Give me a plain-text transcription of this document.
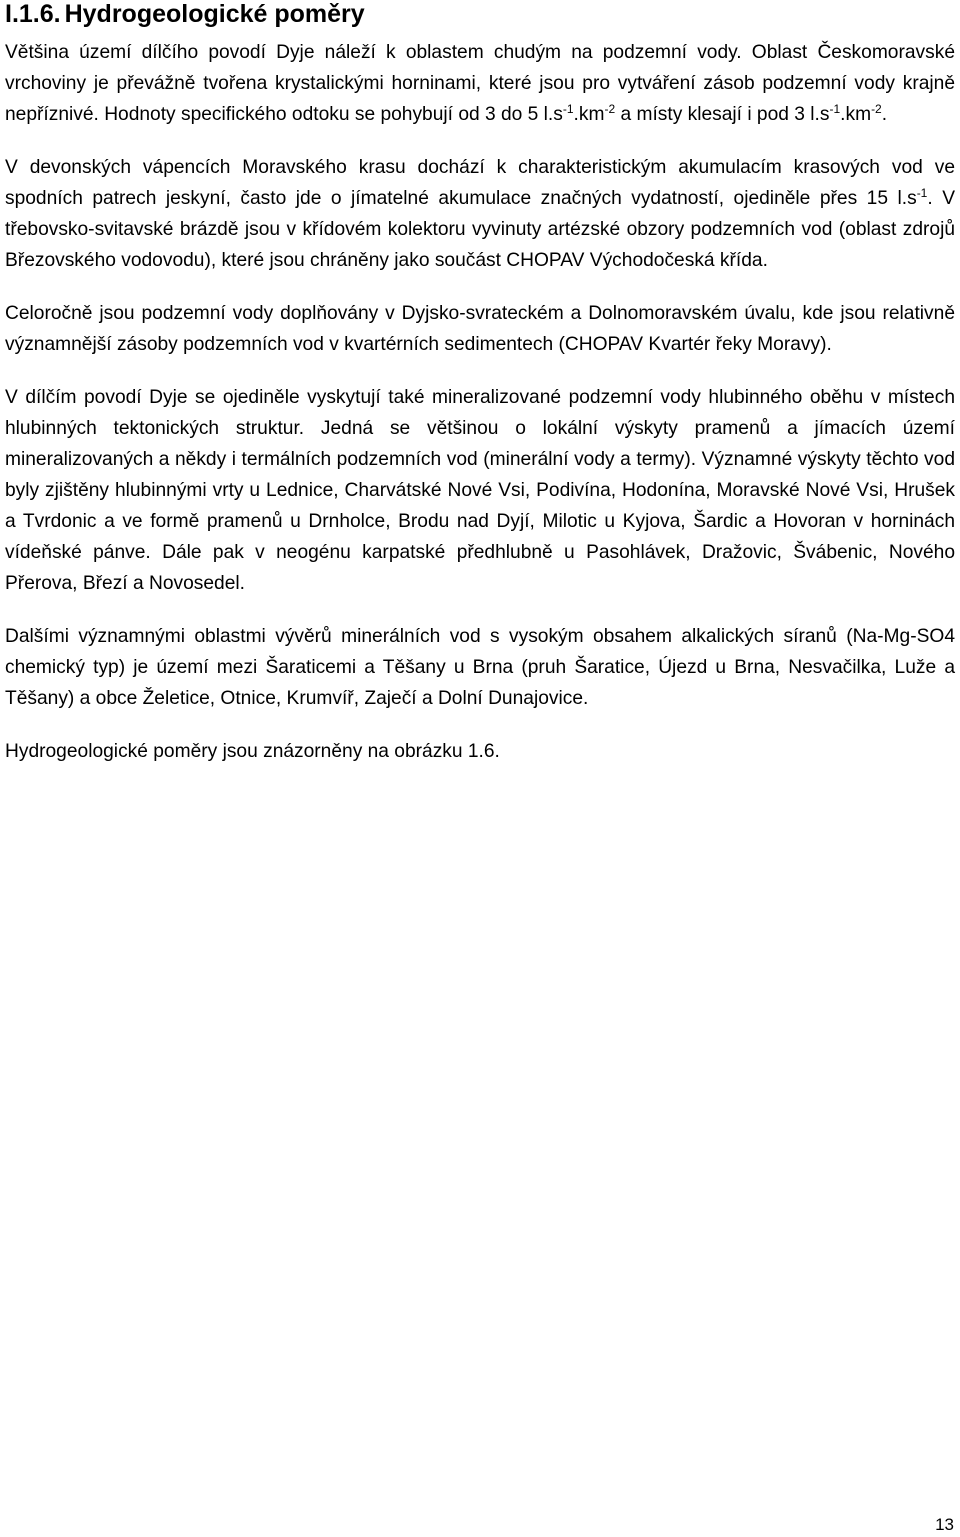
I.1.6. Hydrogeologické poměry

Většina území dílčího povodí Dyje náleží k oblastem chudým na podzemní vody. Oblast Českomoravské vrchoviny je převážně tvořena krystalickými horninami, které jsou pro vytváření zásob podzemní vody krajně nepříznivé. Hodnoty specifického odtoku se pohybují od 3 do 5 $l.s^{-1}.km^{-2}$ a místy klesají i pod 3 $l.s^{-1}.km^{-2}$.

V devonských vápencích Moravského krasu dochází k charakteristickým akumulacím krasových vod ve spodních patrech jeskyní, často jde o jímatelné akumulace značných vydatností, ojediněle přes 15 $l.s^{-1}$. V třebovsko-svitavské brázdě jsou v křídovém kolektoru vyvinuty artézské obzory podzemních vod (oblast zdrojů Březovského vodovodu), které jsou chráněny jako součást CHOPAV Východočeská křída.

Celoročně jsou podzemní vody doplňovány v Dyjsko-svrateckém a Dolnomoravském úvalu, kde jsou relativně významnější zásoby podzemních vod v kvartérních sedimentech (CHOPAV Kvartér řeky Moravy).

V dílčím povodí Dyje se ojediněle vyskytují také mineralizované podzemní vody hlubinného oběhu v místech hlubinných tektonických struktur. Jedná se většinou o lokální výskyty pramenů a jímacích území mineralizovaných a někdy i termálních podzemních vod (minerální vody a termy). Významné výskyty těchto vod byly zjištěny hlubinnými vrty u Lednice, Charvátské Nové Vsi, Podivína, Hodonína, Moravské Nové Vsi, Hrušek a Tvrdonic a ve formě pramenů u Drnholce, Brodu nad Dyjí, Milotic u Kyjova, Šardic a Hovoran v horninách vídeňské pánve. Dále pak v neogénu karpatské předhlubně u Pasohlávek, Dražovic, Švábenic, Nového Přerova, Březí a Novosedel.

Dalšími významnými oblastmi vývěrů minerálních vod s vysokým obsahem alkalických síranů (Na-Mg-SO4 chemický typ) je území mezi Šaraticemi a Těšany u Brna (pruh Šaratice, Újezd u Brna, Nesvačilka, Luže a Těšany) a obce Želetice, Otnice, Krumvíř, Zaječí a Dolní Dunajovice.

Hydrogeologické poměry jsou znázorněny na obrázku 1.6.

13
